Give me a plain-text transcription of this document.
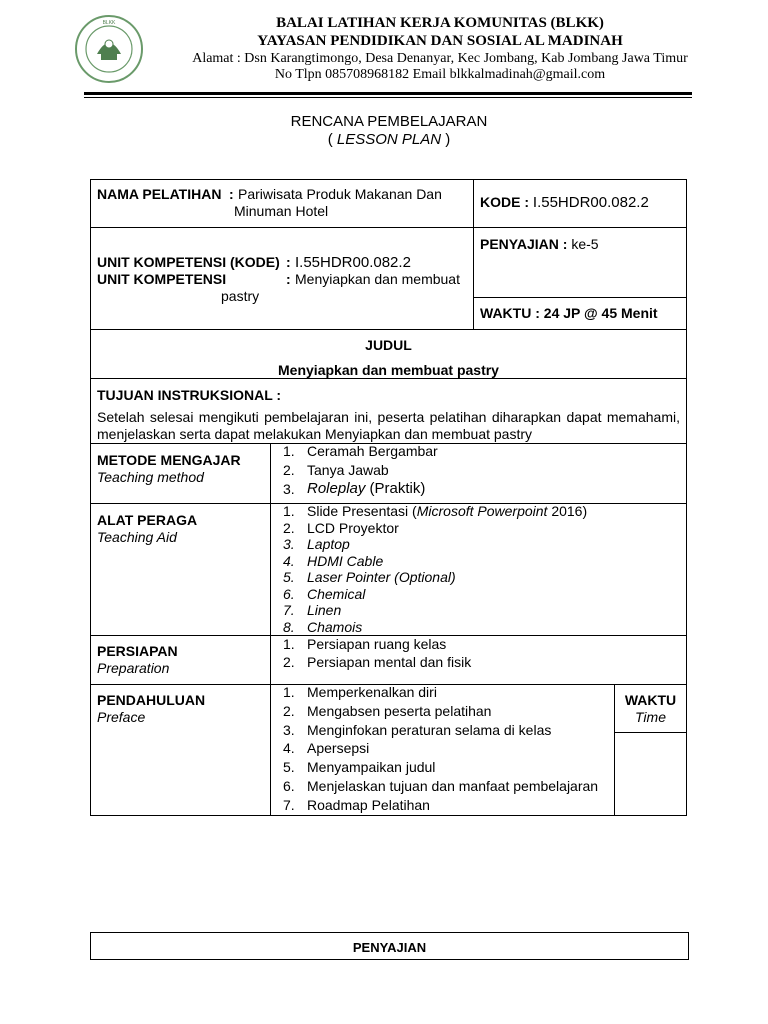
BLKK	BALAI LATIHAN KERJA KOMUNITAS (BLKK)
YAYASAN PENDIDIKAN DAN SOSIAL AL MADINAH
Alamat : Dsn Karangtimongo, Desa Denanyar, Kec Jombang, Kab Jombang Jawa Timur
No Tlpn 085708968182 Email blkkalmadinah@gmail.com
RENCANA PEMBELAJARAN
( LESSON PLAN )
NAMA PELATIHAN : Pariwisata Produk Makanan Dan
Minuman Hotel
KODE : I.55HDR00.082.2
UNIT KOMPETENSI (KODE) : I.55HDR00.082.2
UNIT KOMPETENSI	: Menyiapkan dan membuat
pastry
PENYAJIAN : ke-5
WAKTU : 24 JP @ 45 Menit
JUDUL
Menyiapkan dan membuat pastry
TUJUAN INSTRUKSIONAL :
Setelah selesai mengikuti pembelajaran ini, peserta pelatihan diharapkan dapat memahami,
menjelaskan serta dapat melakukan Menyiapkan dan membuat pastry
METODE MENGAJAR
Teaching method
1. Ceramah Bergambar
2. Tanya Jawab
3. Roleplay (Praktik)
ALAT PERAGA
Teaching Aid
1. Slide Presentasi (Microsoft Powerpoint 2016)
2. LCD Proyektor
3. Laptop
4. HDMI Cable
5. Laser Pointer (Optional)
6. Chemical
7. Linen
8. Chamois
PERSIAPAN
Preparation
1. Persiapan ruang kelas
2. Persiapan mental dan fisik
PENDAHULUAN
Preface
1. Memperkenalkan diri
2. Mengabsen peserta pelatihan
3. Menginfokan peraturan selama di kelas
4. Apersepsi
5. Menyampaikan judul
6. Menjelaskan tujuan dan manfaat pembelajaran
7. Roadmap Pelatihan
WAKTU
Time
PENYAJIAN
